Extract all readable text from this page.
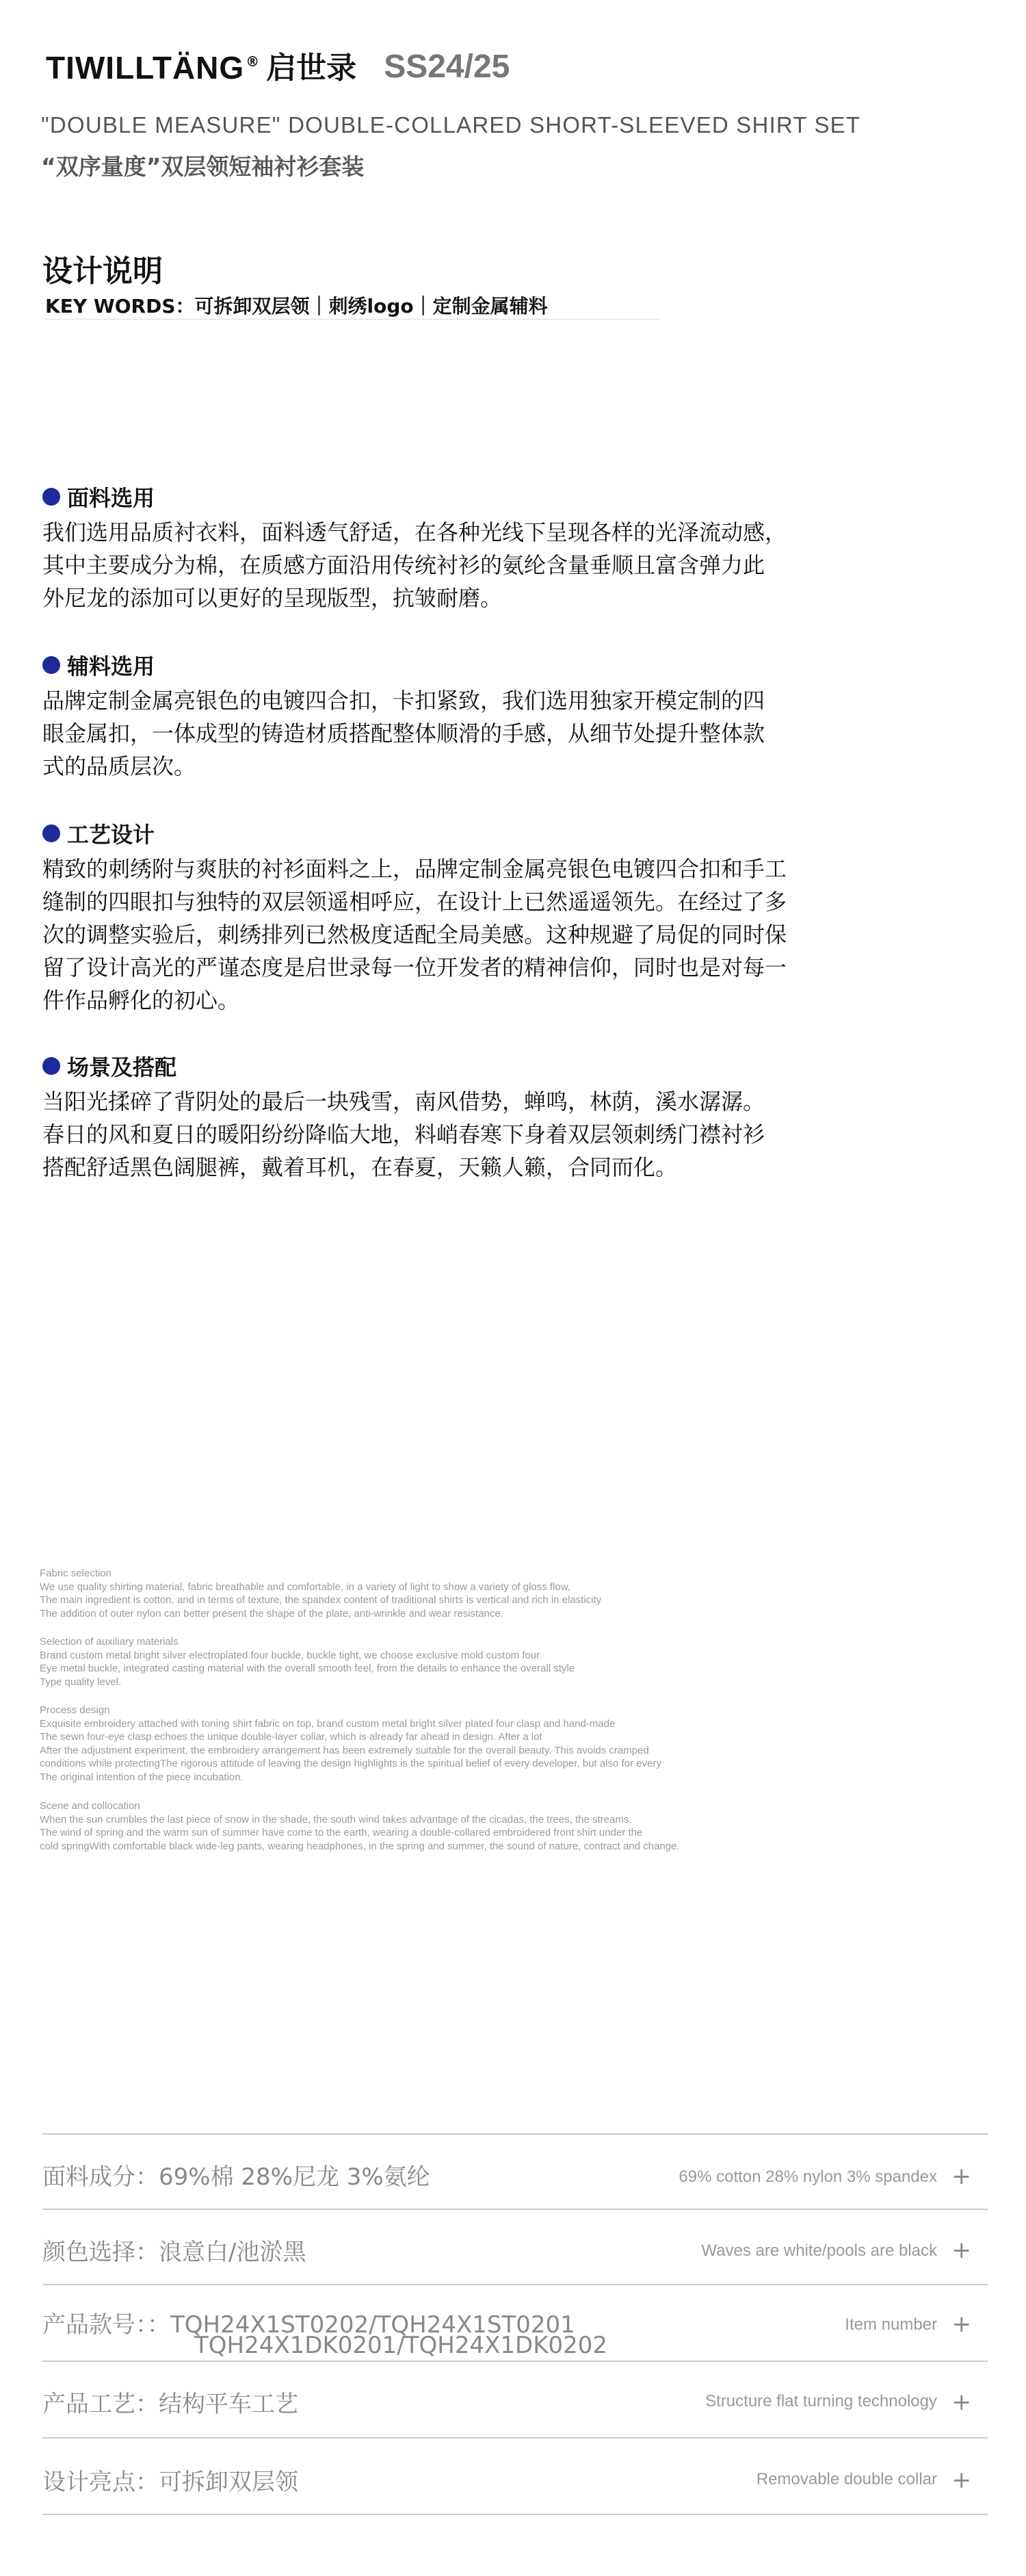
TIWILLTÄNG ® 启世录 SS24/25
"DOUBLE MEASURE" DOUBLE-COLLARED SHORT-SLEEVED SHIRT SET
“双序量度”双层领短袖衬衫套装
设计说明
KEY WORDS：可拆卸双层领｜刺绣logo｜定制金属辅料
面料选用
我们选用品质衬衣料，面料透气舒适，在各种光线下呈现各样的光泽流动感，
其中主要成分为棉，在质感方面沿用传统衬衫的氨纶含量垂顺且富含弹力此
外尼龙的添加可以更好的呈现版型，抗皱耐磨。
辅料选用
品牌定制金属亮银色的电镀四合扣，卡扣紧致，我们选用独家开模定制的四
眼金属扣，一体成型的铸造材质搭配整体顺滑的手感，从细节处提升整体款
式的品质层次。
工艺设计
精致的刺绣附与爽肤的衬衫面料之上，品牌定制金属亮银色电镀四合扣和手工
缝制的四眼扣与独特的双层领遥相呼应，在设计上已然遥遥领先。在经过了多
次的调整实验后，刺绣排列已然极度适配全局美感。这种规避了局促的同时保
留了设计高光的严谨态度是启世录每一位开发者的精神信仰，同时也是对每一
件作品孵化的初心。
场景及搭配
当阳光揉碎了背阴处的最后一块残雪，南风借势，蝉鸣，林荫，溪水潺潺。
春日的风和夏日的暖阳纷纷降临大地，料峭春寒下身着双层领刺绣门襟衬衫
搭配舒适黑色阔腿裤，戴着耳机，在春夏，天籁人籁，合同而化。
Fabric selection
We use quality shirting material, fabric breathable and comfortable, in a variety of light to show a variety of gloss flow,
The main ingredient is cotton, and in terms of texture, the spandex content of traditional shirts is vertical and rich in elasticity
The addition of outer nylon can better present the shape of the plate, anti-wrinkle and wear resistance.
Selection of auxiliary materials
Brand custom metal bright silver electroplated four buckle, buckle tight, we choose exclusive mold custom four
Eye metal buckle, integrated casting material with the overall smooth feel, from the details to enhance the overall style
Type quality level.
Process design
Exquisite embroidery attached with toning shirt fabric on top, brand custom metal bright silver plated four clasp and hand-made
The sewn four-eye clasp echoes the unique double-layer collar, which is already far ahead in design. After a lot
After the adjustment experiment, the embroidery arrangement has been extremely suitable for the overall beauty. This avoids cramped
conditions while protectingThe rigorous attitude of leaving the design highlights is the spiritual belief of every developer, but also for every
The original intention of the piece incubation.
Scene and collocation
When the sun crumbles the last piece of snow in the shade, the south wind takes advantage of the cicadas, the trees, the streams.
The wind of spring and the warm sun of summer have come to the earth, wearing a double-collared embroidered front shirt under the
cold springWith comfortable black wide-leg pants, wearing headphones, in the spring and summer, the sound of nature, contract and change.
面料成分：69%棉 28%尼龙 3%氨纶	69% cotton 28% nylon 3% spandex +
颜色选择：浪意白/池淤黑	Waves are white/pools are black +
产品款号：：TQH24X1ST0202/TQH24X1ST0201
TQH24X1DK0201/TQH24X1DK0202
Item number +
产品工艺：结构平车工艺	Structure flat turning technology +
设计亮点：可拆卸双层领	Removable double collar +
